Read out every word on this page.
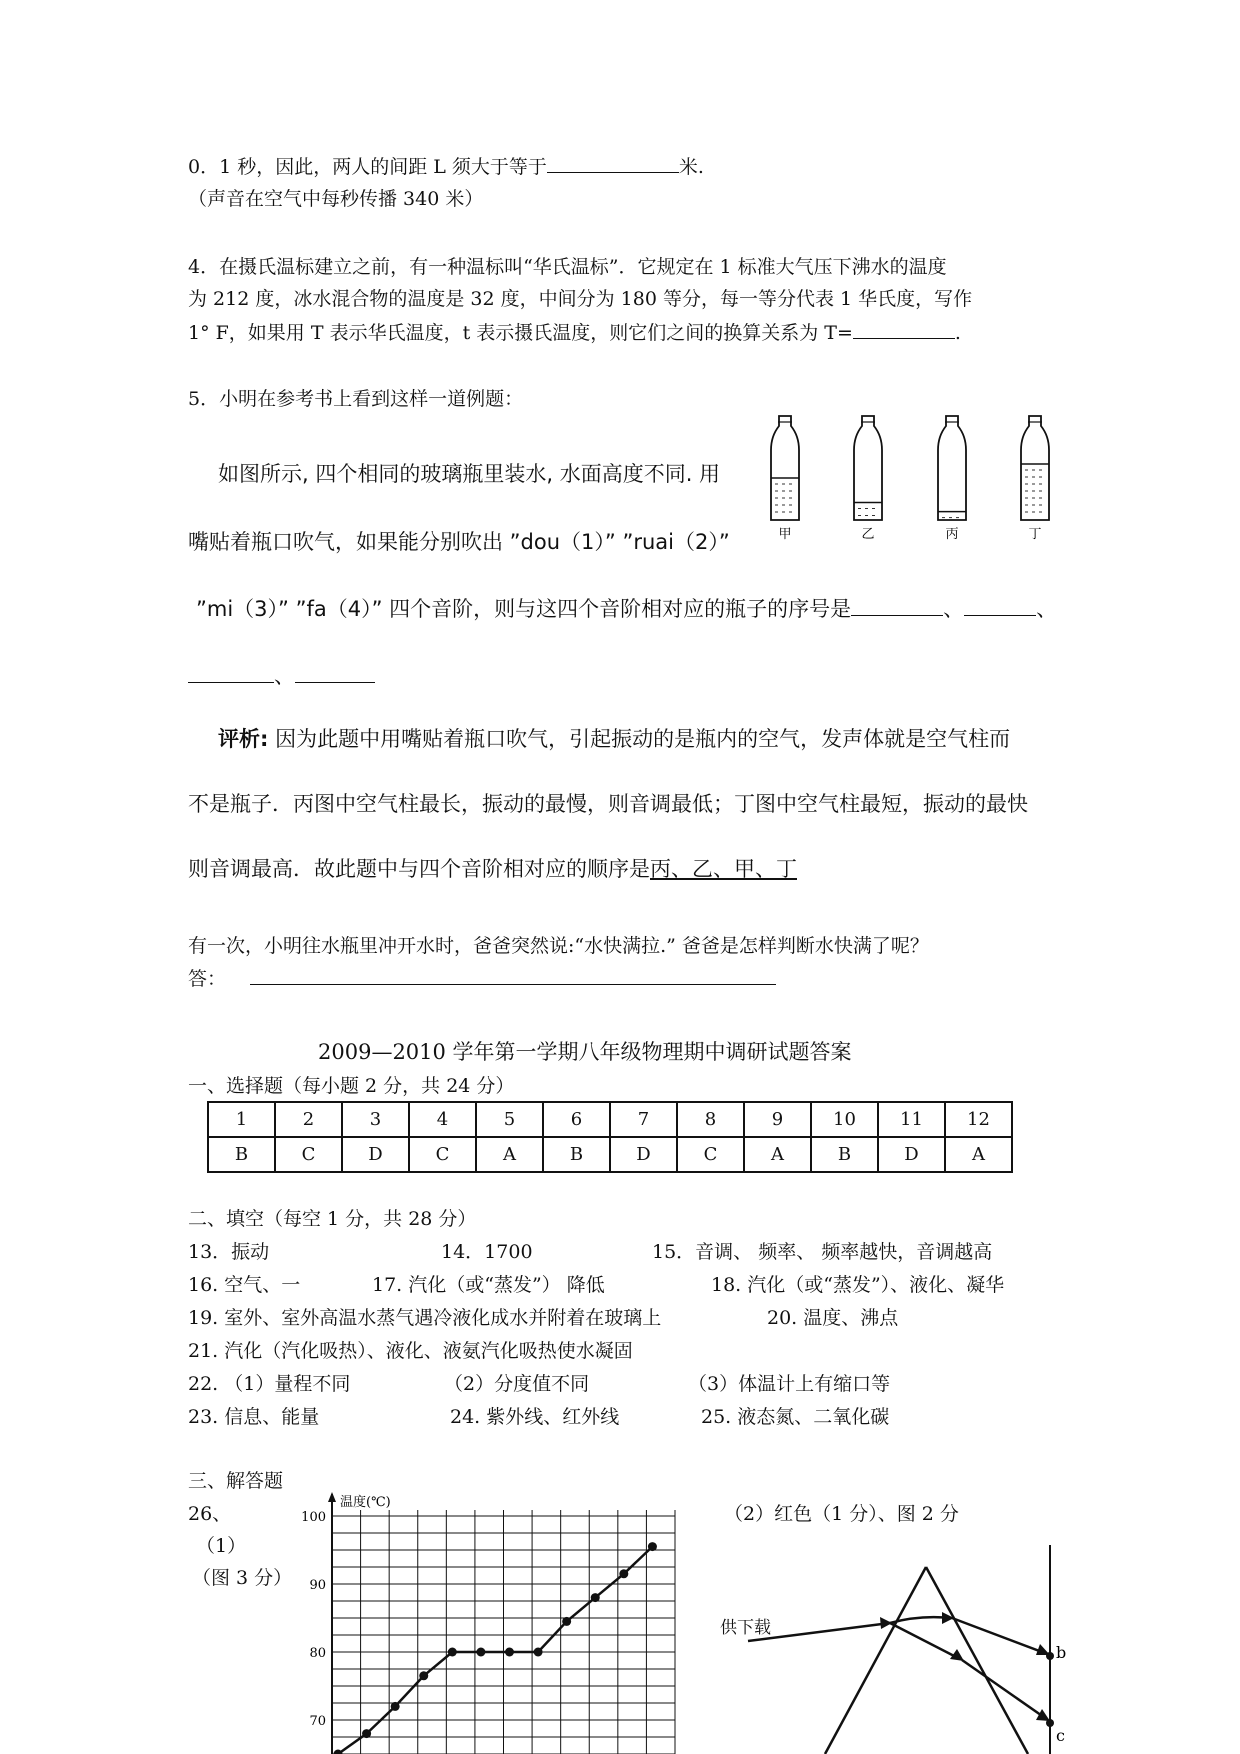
0．1 秒，因此，两人的间距 L 须大于等于	米.
（声音在空气中每秒传播 340 米）
4．在摄氏温标建立之前，有一种温标叫“华氏温标”．它规定在 1 标准大气压下沸水的温度
为 212 度，冰水混合物的温度是 32 度，中间分为 180 等分，每一等分代表 1 华氏度，写作
1° F，如果用 T 表示华氏温度，t 表示摄氏温度，则它们之间的换算关系为 T=	.
5．小明在参考书上看到这样一道例题：
如图所示, 四个相同的玻璃瓶里装水, 水面高度不同. 用
嘴贴着瓶口吹气，如果能分别吹出 ”dou（1）” ”ruai（2）”
”mi（3）” ”fa（4）” 四个音阶，则与这四个音阶相对应的瓶子的序号是	、	、
、
甲	乙	丙	丁
评析: 因为此题中用嘴贴着瓶口吹气，引起振动的是瓶内的空气，发声体就是空气柱而
不是瓶子．丙图中空气柱最长，振动的最慢，则音调最低；丁图中空气柱最短，振动的最快
则音调最高．故此题中与四个音阶相对应的顺序是丙、乙、甲、丁
有一次，小明往水瓶里冲开水时，爸爸突然说:“水快满拉.” 爸爸是怎样判断水快满了呢？
答：
2009—2010 学年第一学期八年级物理期中调研试题答案
一、选择题（每小题 2 分，共 24 分）
1	2	3	4	5	6	7	8	9	10	11	12
B	C	D	C	A	B	D	C	A	B	D	A
二、填空（每空 1 分，共 28 分）
13．振动	14．1700	15．音调、 频率、 频率越快，音调越高
16. 空气、一	17. 汽化（或“蒸发”） 降低	18. 汽化（或“蒸发”）、液化、凝华
19. 室外、室外高温水蒸气遇冷液化成水并附着在玻璃上	20. 温度、沸点
21. 汽化（汽化吸热）、液化、液氨汽化吸热使水凝固
22. （1）量程不同	（2）分度值不同	（3）体温计上有缩口等
23. 信息、能量	24. 紫外线、红外线	25. 液态氮、二氧化碳
三、解答题
26、
（1）
（图 3 分）
（2）红色（1 分）、图 2 分
温度(℃)
70
80
90
100
供下载
b
c
